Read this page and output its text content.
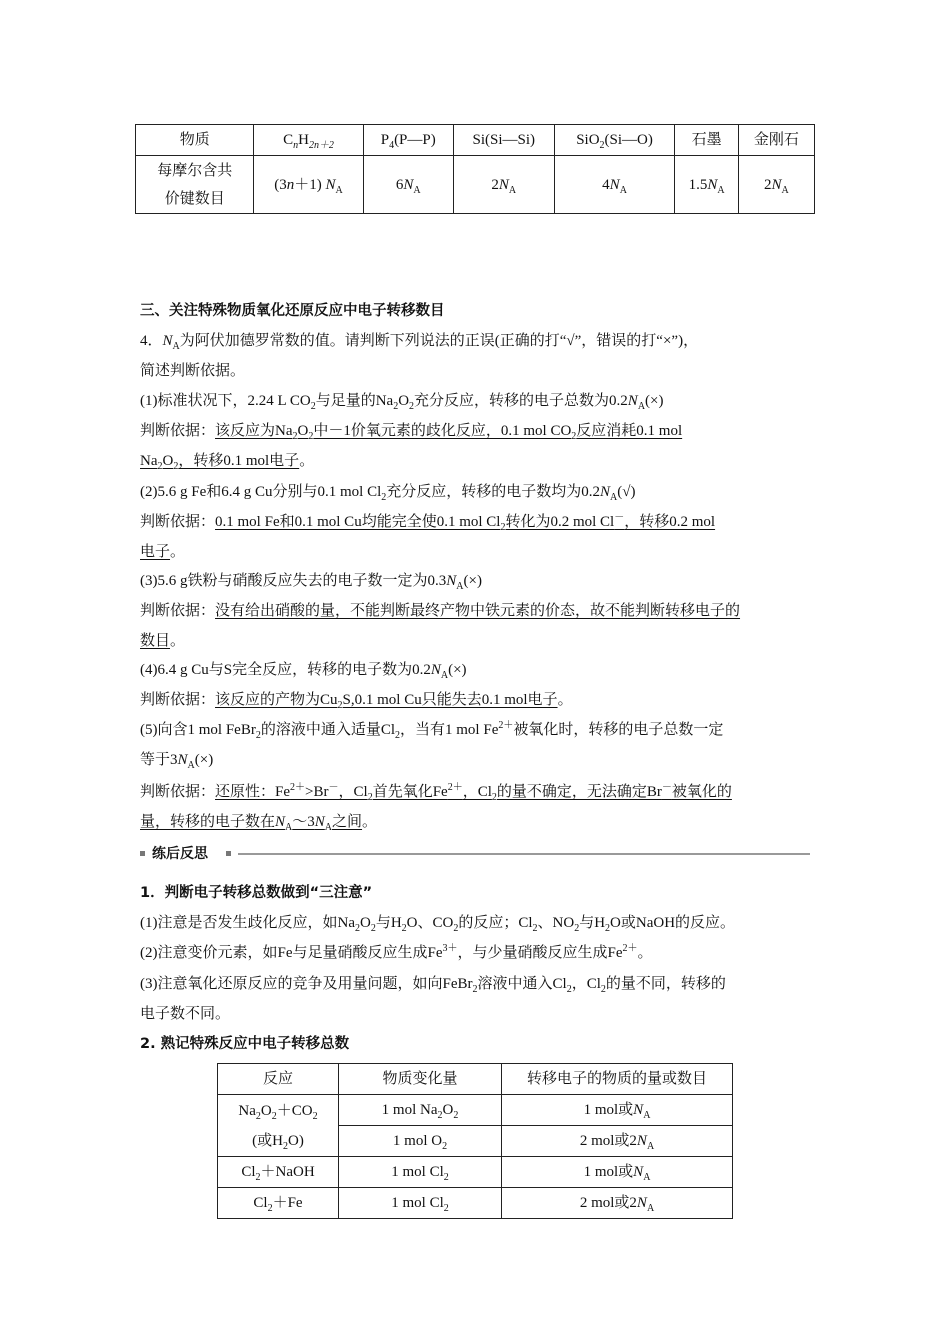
物质	$C_nH_{2n+2}$	$P_4(P—P)$	Si(Si—Si)	SiO$_2$(Si—O)	石墨	金刚石

每摩尔含共
价键数目	(3n＋1) $N_A$	$6N_A$	$2N_A$	$4N_A$	$1.5N_A$	$2N_A$
三、关注特殊物质氧化还原反应中电子转移数目
4．$N_A$为阿伏加德罗常数的值。请判断下列说法的正误(正确的打“√”，错误的打“×”)，
简述判断依据。
(1)标准状况下，2.24 L $CO_2$与足量的$Na_2O_2$充分反应，转移的电子总数为$0.2N_A(\times)$
判断依据：该反应为$Na_2O_2$中－1价氧元素的歧化反应，0.1 mol $CO_2$反应消耗0.1 mol
$Na_2O_2$，转移0.1 mol电子。
(2)5.6 g Fe和6.4 g Cu分别与0.1 mol $Cl_2$充分反应，转移的电子数均为$0.2N_A(√)$
判断依据：0.1 mol Fe和0.1 mol Cu均能完全使0.1 mol $Cl_2$转化为0.2 mol Cl－，转移0.2 mol
电子。
(3)5.6 g铁粉与硝酸反应失去的电子数一定为$0.3N_A(\times)$
判断依据：没有给出硝酸的量，不能判断最终产物中铁元素的价态，故不能判断转移电子的
数目。
(4)6.4 g Cu与S完全反应，转移的电子数为$0.2N_A(\times)$
判断依据：该反应的产物为$Cu_2S,0.1$ mol Cu只能失去0.1 mol电子。
(5)向含1 mol FeBr$_2$的溶液中通入适量$Cl_2$，当有1 mol $Fe^{2+}$被氧化时，转移的电子总数一定
等于$3N_A(\times)$
判断依据：还原性：$Fe^{2+}>Br^-$，$Cl_2$首先氧化$Fe^{2+}$，$Cl_2$的量不确定，无法确定Br－被氧化的
量，转移的电子数在$N_A\sim 3N_A$之间。
练后反思
1．判断电子转移总数做到“三注意”
(1)注意是否发生歧化反应，如$Na_2O_2$与$H_2O$、$CO_2$的反应；$Cl_2$、$NO_2$与$H_2O$或NaOH的反应。
(2)注意变价元素，如Fe与足量硝酸反应生成$Fe^{3+}$，与少量硝酸反应生成$Fe^{2+}$。
(3)注意氧化还原反应的竞争及用量问题，如向FeBr$_2$溶液中通入$Cl_2$，$Cl_2$的量不同，转移的
电子数不同。
2. 熟记特殊反应中电子转移总数
反应	物质变化量	转移电子的物质的量或数目

$Na_2O_2+CO_2$
(或$H_2O$)	1 mol $Na_2O_2$	1 mol或$N_A$
	1 mol $O_2$	2 mol或$2N_A$
$Cl_2+NaOH$	1 mol $Cl_2$	1 mol或$N_A$
$Cl_2+Fe$	1 mol $Cl_2$	2 mol或$2N_A$
